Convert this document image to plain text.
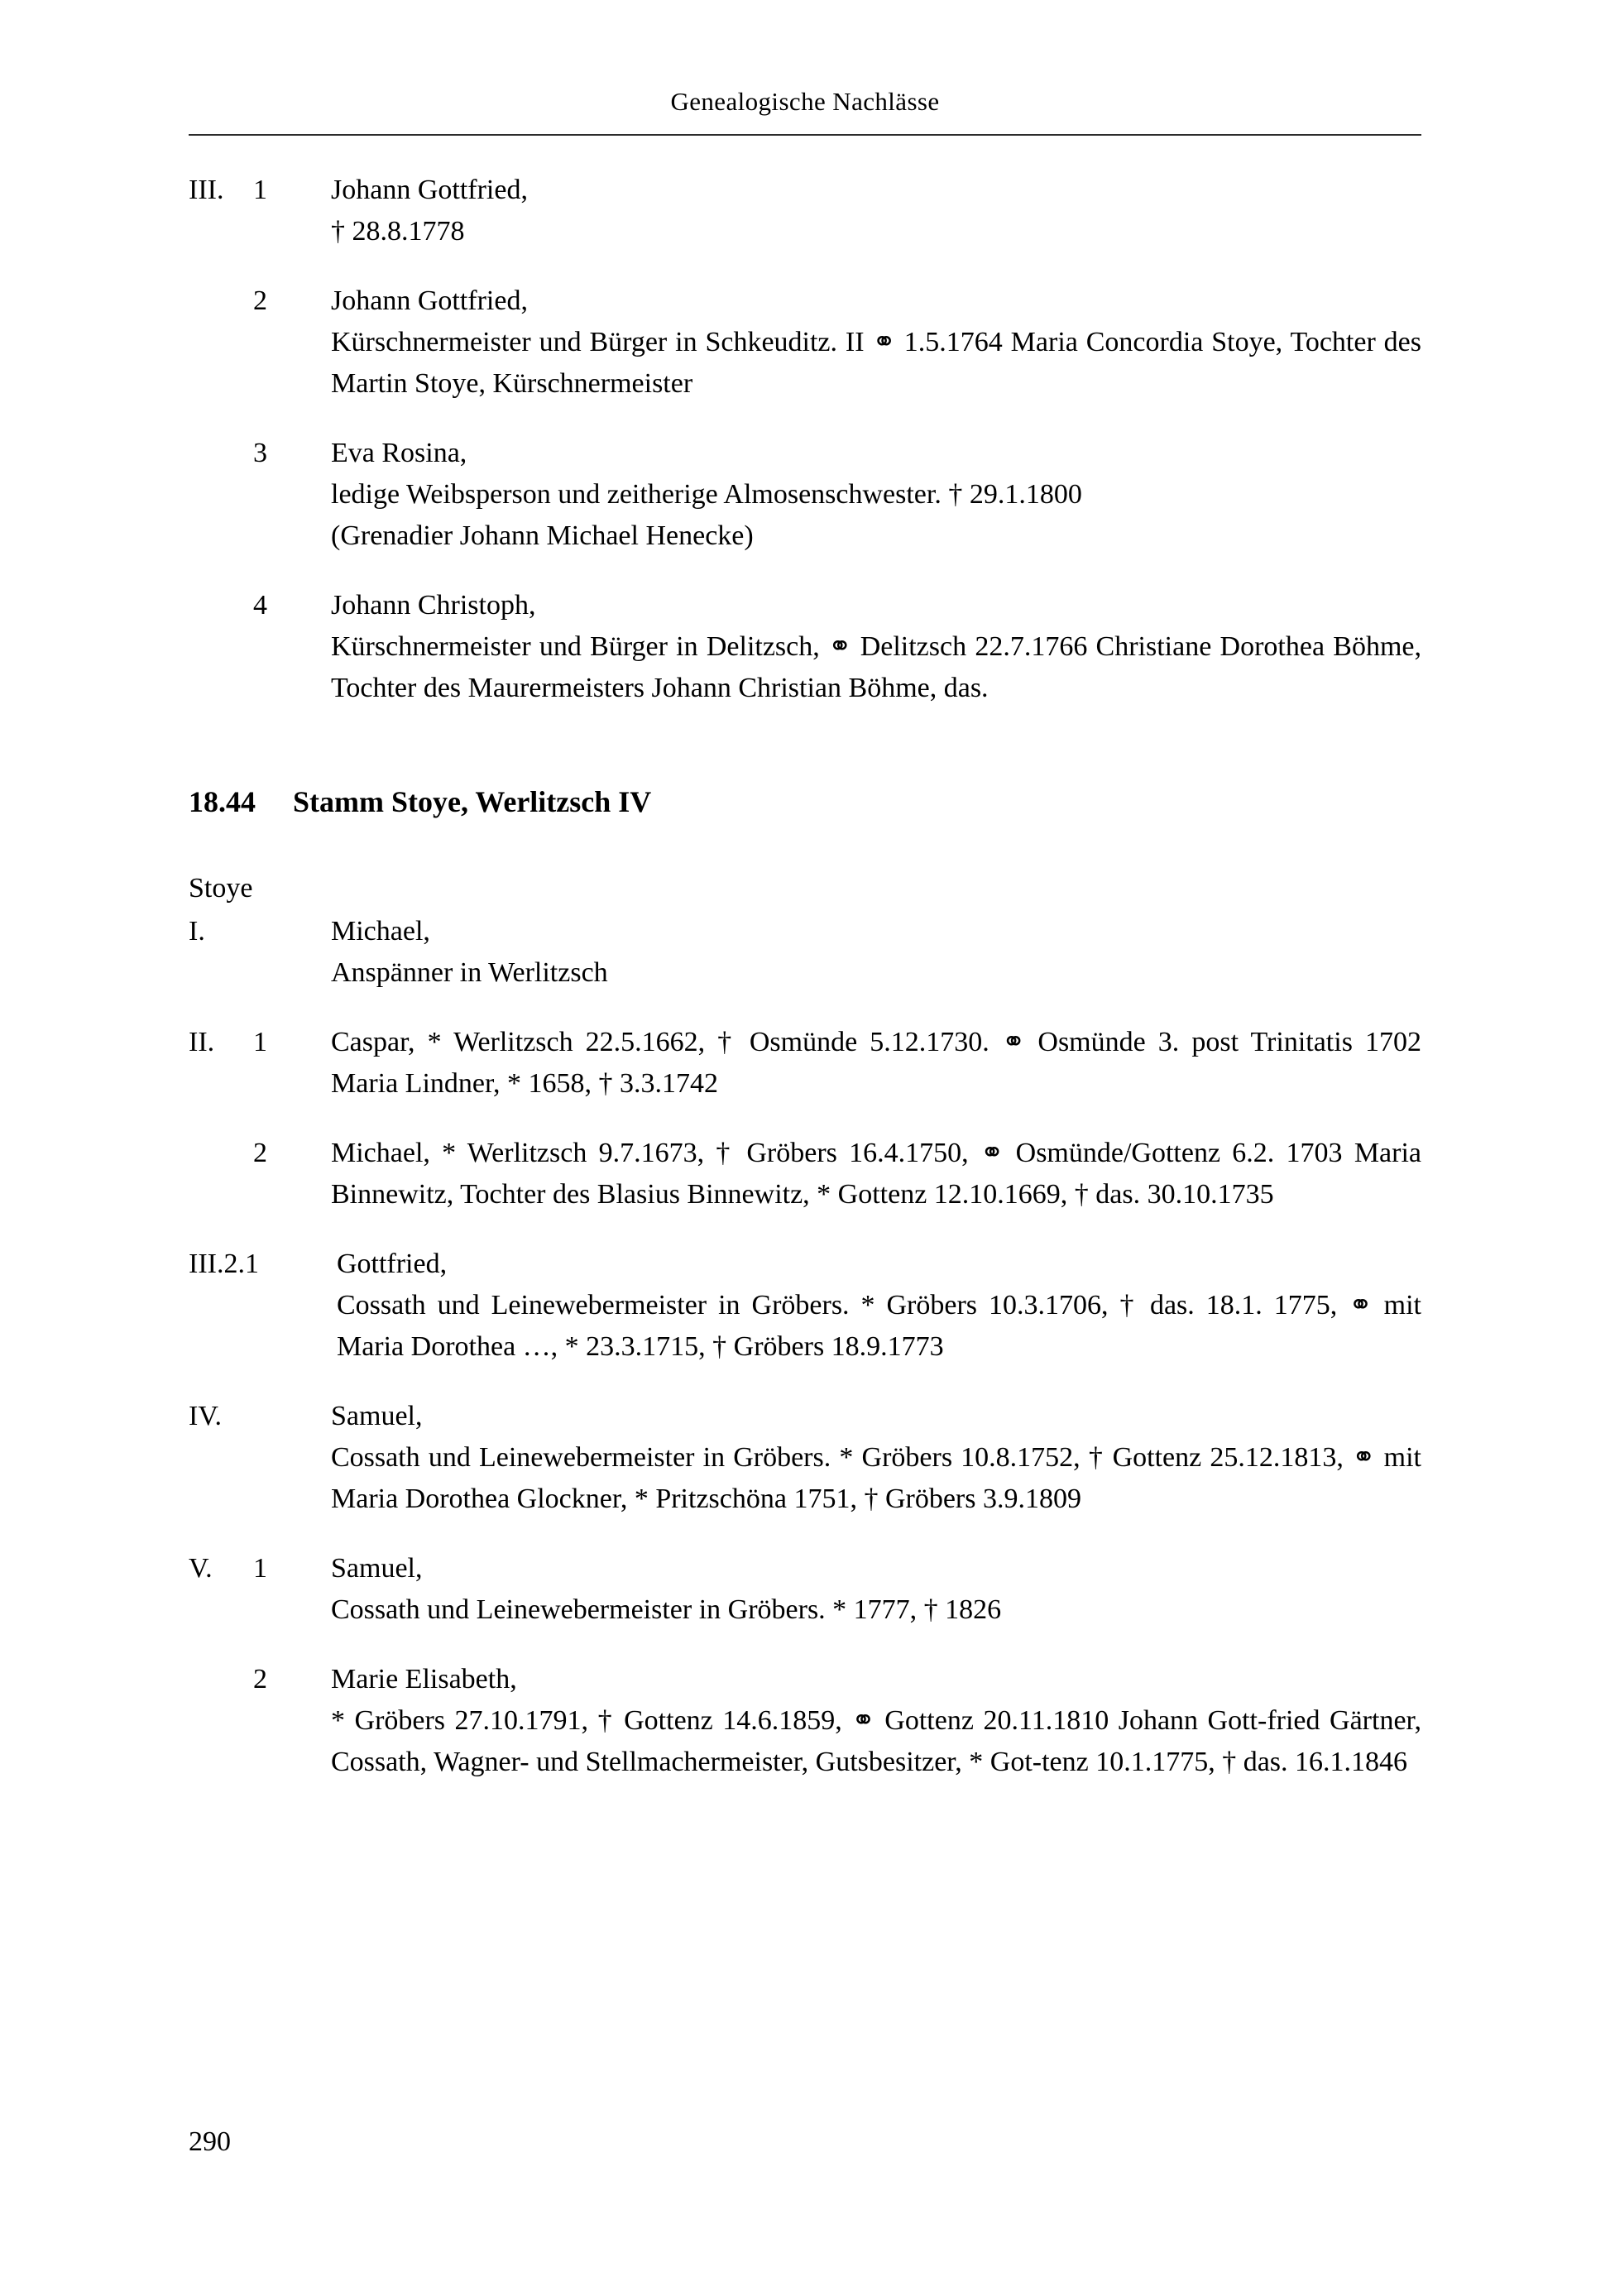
Genealogische Nachlässe
III.	1	Johann Gottfried,
† 28.8.1778
2	Johann Gottfried,
Kürschnermeister und Bürger in Schkeuditz. II ⚭ 1.5.1764 Maria Concordia Stoye, Tochter des Martin Stoye, Kürschnermeister
3	Eva Rosina,
ledige Weibsperson und zeitherige Almosenschwester. † 29.1.1800
(Grenadier Johann Michael Henecke)
4	Johann Christoph,
Kürschnermeister und Bürger in Delitzsch, ⚭ Delitzsch 22.7.1766 Christiane Dorothea Böhme, Tochter des Maurermeisters Johann Christian Böhme, das.
18.44	Stamm Stoye, Werlitzsch IV
Stoye
I.	Michael,
Anspänner in Werlitzsch
II.	1	Caspar, * Werlitzsch 22.5.1662, † Osmünde 5.12.1730. ⚭ Osmünde 3. post Trinitatis 1702 Maria Lindner, * 1658, † 3.3.1742
2	Michael, * Werlitzsch 9.7.1673, † Gröbers 16.4.1750, ⚭ Osmünde/Gottenz 6.2. 1703 Maria Binnewitz, Tochter des Blasius Binnewitz, * Gottenz 12.10.1669, † das. 30.10.1735
III.2.1	Gottfried,
Cossath und Leinewebermeister in Gröbers. * Gröbers 10.3.1706, † das. 18.1. 1775, ⚭ mit Maria Dorothea …, * 23.3.1715, † Gröbers 18.9.1773
IV.	Samuel,
Cossath und Leinewebermeister in Gröbers. * Gröbers 10.8.1752, † Gottenz 25.12.1813, ⚭ mit Maria Dorothea Glockner, * Pritzschöna 1751, † Gröbers 3.9.1809
V.	1	Samuel,
Cossath und Leinewebermeister in Gröbers. * 1777, † 1826
2	Marie Elisabeth,
* Gröbers 27.10.1791, † Gottenz 14.6.1859, ⚭ Gottenz 20.11.1810 Johann Gott-fried Gärtner, Cossath, Wagner- und Stellmachermeister, Gutsbesitzer, * Got-tenz 10.1.1775, † das. 16.1.1846
290
